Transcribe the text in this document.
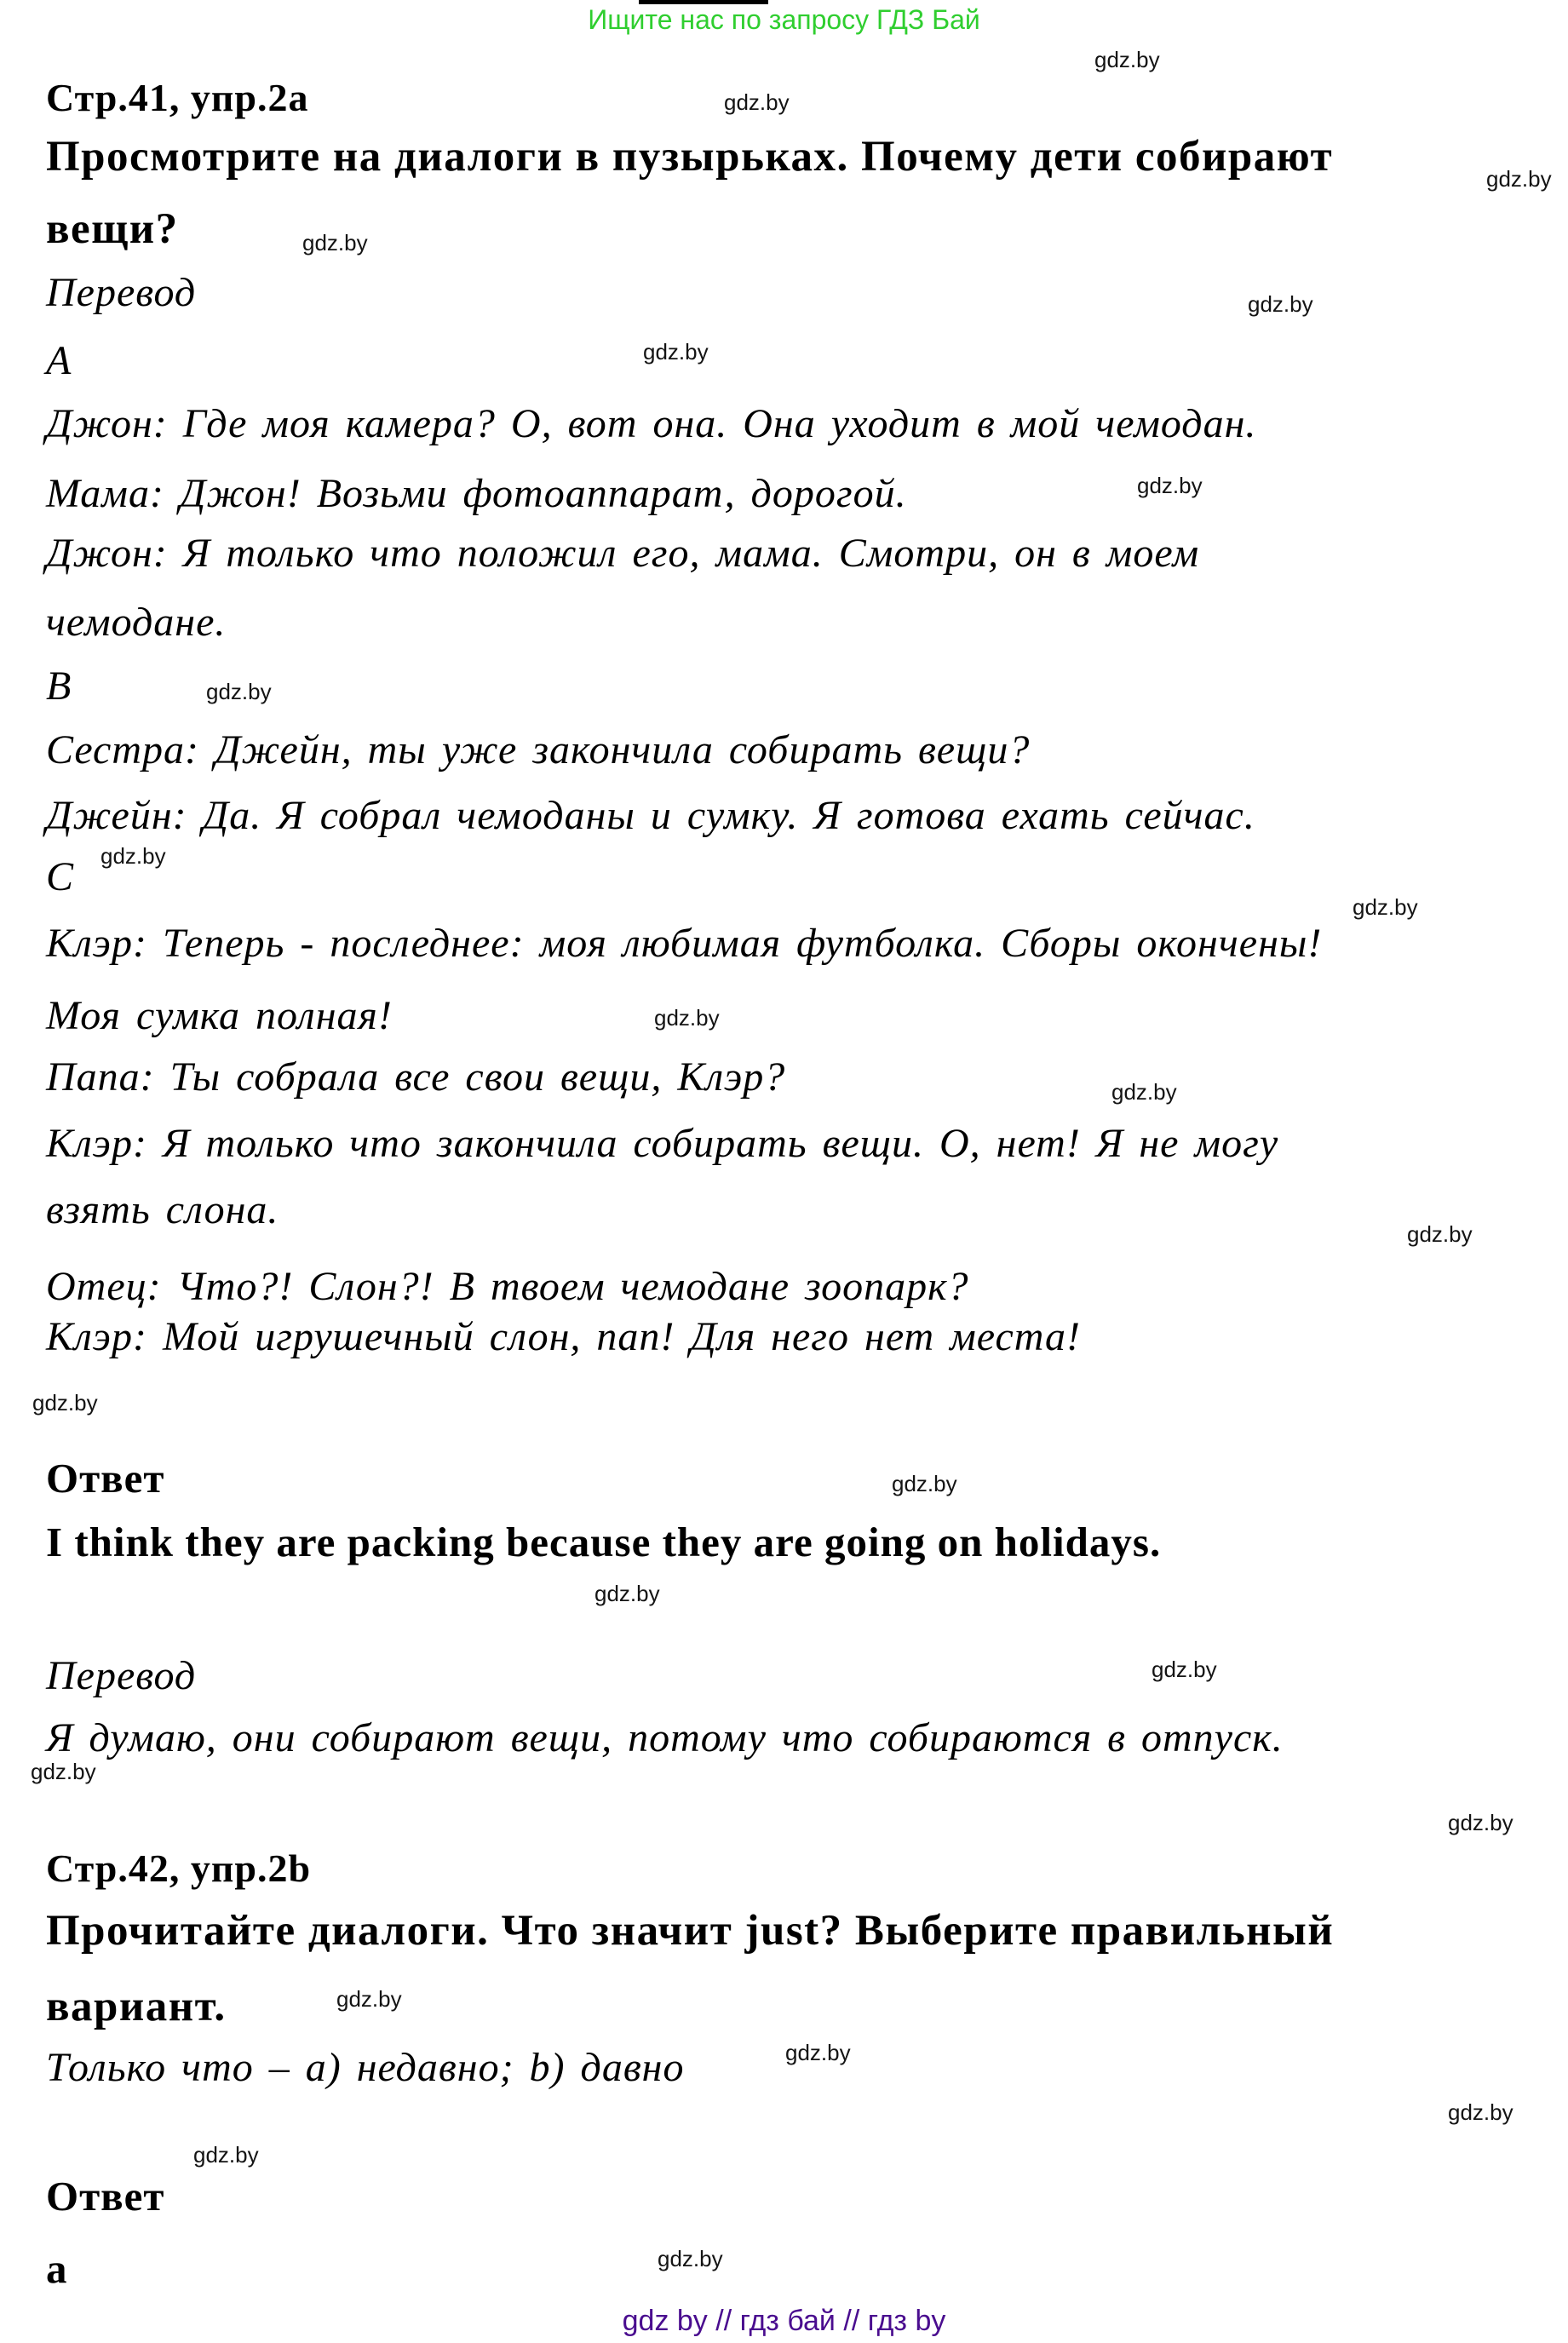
Ищите нас по запросу ГДЗ Бай
Стр.41, упр.2a
Просмотрите на диалоги в пузырьках. Почему дети собирают
вещи?
Перевод
А
Джон: Где моя камера? О, вот она. Она уходит в мой чемодан.
Мама: Джон! Возьми фотоаппарат, дорогой.
Джон: Я только что положил его, мама. Смотри, он в моем
чемодане.
В
Сестра: Джейн, ты уже закончила собирать вещи?
Джейн: Да. Я собрал чемоданы и сумку. Я готова ехать сейчас.
С
Клэр: Теперь - последнее: моя любимая футболка. Сборы окончены!
Моя сумка полная!
Папа: Ты собрала все свои вещи, Клэр?
Клэр: Я только что закончила собирать вещи. О, нет! Я не могу
взять слона.
Отец: Что?! Слон?! В твоем чемодане зоопарк?
Клэр: Мой игрушечный слон, пап! Для него нет места!
Ответ
I think they are packing because they are going on holidays.
Перевод
Я думаю, они собирают вещи, потому что собираются в отпуск.
Стр.42, упр.2b
Прочитайте диалоги. Что значит just? Выберите правильный
вариант.
Только что – a) недавно; b) давно
Ответ
a
gdz.by
gdz.by
gdz.by
gdz.by
gdz.by
gdz.by
gdz.by
gdz.by
gdz.by
gdz.by
gdz.by
gdz.by
gdz.by
gdz.by
gdz.by
gdz.by
gdz.by
gdz.by
gdz.by
gdz.by
gdz.by
gdz.by
gdz.by
gdz.by
gdz by // гдз бай // гдз by
